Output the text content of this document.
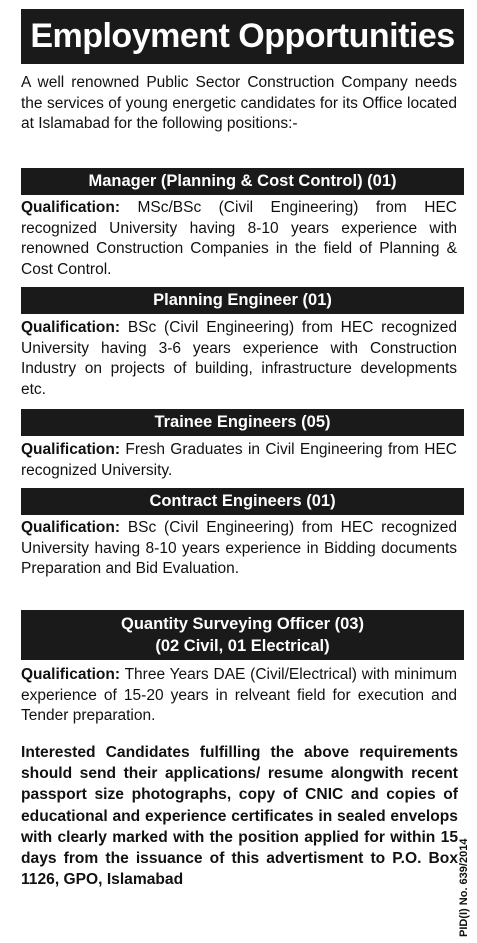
Employment Opportunities
A well renowned Public Sector Construction Company needs the services of young energetic candidates for its Office located at Islamabad for the following positions:-
Manager (Planning & Cost Control) (01)
Qualification: MSc/BSc (Civil Engineering) from HEC recognized University having 8-10 years experience with renowned Construction Companies in the field of Planning & Cost Control.
Planning Engineer (01)
Qualification: BSc (Civil Engineering) from HEC recognized University having 3-6 years experience with Construction Industry on projects of building, infrastructure developments etc.
Trainee Engineers (05)
Qualification: Fresh Graduates in Civil Engineering from HEC recognized University.
Contract Engineers (01)
Qualification: BSc (Civil Engineering) from HEC recognized University having 8-10 years experience in Bidding documents Preparation and Bid Evaluation.
Quantity Surveying Officer (03)
(02 Civil, 01 Electrical)
Qualification: Three Years DAE (Civil/Electrical) with minimum experience of 15-20 years in relveant field for execution and Tender preparation.
Interested Candidates fulfilling the above requirements should send their applications/ resume alongwith recent passport size photographs, copy of CNIC and copies of educational and experience certificates in sealed envelops with clearly marked with the position applied for within 15 days from the issuance of this advertisment to P.O. Box 1126, GPO, Islamabad	PID(I) No. 639/2014
